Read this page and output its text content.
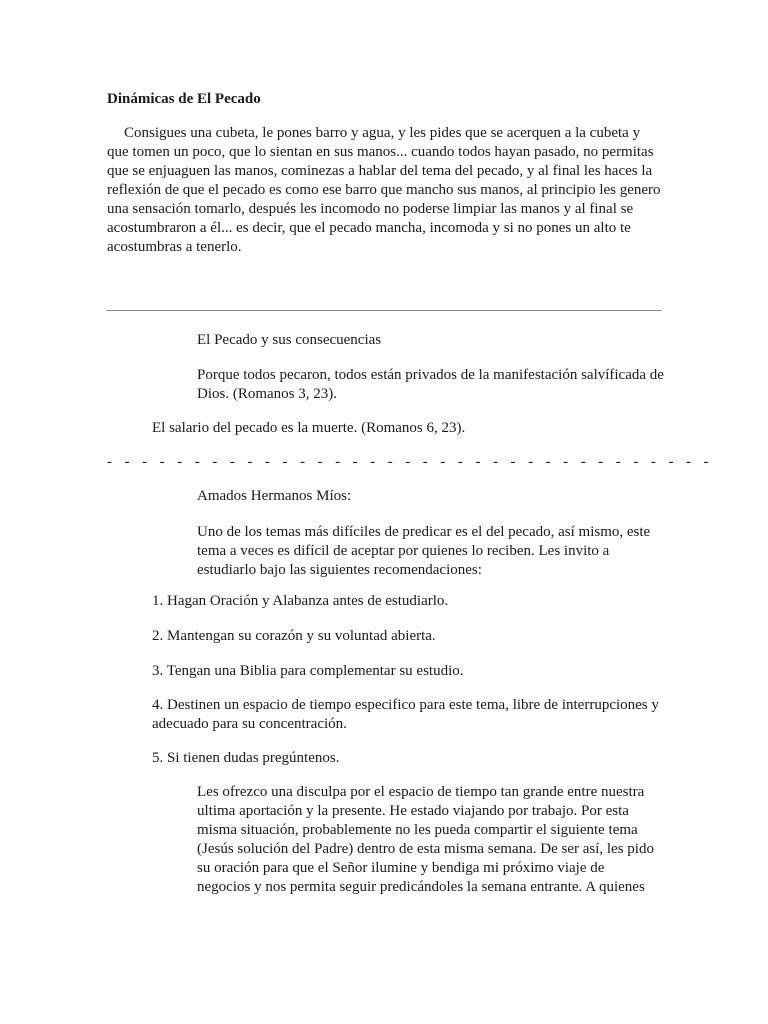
Dinámicas de El Pecado
Consigues una cubeta, le pones barro y agua, y les pides que se acerquen a la cubeta y que tomen un poco, que lo sientan en sus manos... cuando todos hayan pasado, no permitas que se enjuaguen las manos, cominezas a hablar del tema del pecado, y al final les haces la reflexión de que el pecado es como ese barro que mancho sus manos, al principio les genero una sensación tomarlo, después les incomodo no poderse limpiar las manos y al final se acostumbraron a él... es decir, que el pecado mancha, incomoda y si no pones un alto te acostumbras a tenerlo.
El Pecado y sus consecuencias
Porque todos pecaron, todos están privados de la manifestación salvíficada de Dios. (Romanos 3, 23).
El salario del pecado es la muerte. (Romanos 6, 23).
- - - - - - - - - - - - - - - - - - - - - - - - - - - - - - - - - - -
Amados Hermanos Míos:
Uno de los temas más difíciles de predicar es el del pecado, así mismo, este tema a veces es difícil de aceptar por quienes lo reciben. Les invito a estudiarlo bajo las siguientes recomendaciones:
1. Hagan Oración y Alabanza antes de estudiarlo.
2. Mantengan su corazón y su voluntad abierta.
3. Tengan una Biblia para complementar su estudio.
4. Destinen un espacio de tiempo especifico para este tema, libre de interrupciones y adecuado para su concentración.
5. Si tienen dudas pregúntenos.
Les ofrezco una disculpa por el espacio de tiempo tan grande entre nuestra ultima aportación y la presente. He estado viajando por trabajo. Por esta misma situación, probablemente no les pueda compartir el siguiente tema (Jesús solución del Padre) dentro de esta misma semana. De ser así, les pido su oración para que el Señor ilumine y bendiga mi próximo viaje de negocios y nos permita seguir predicándoles la semana entrante. A quienes
